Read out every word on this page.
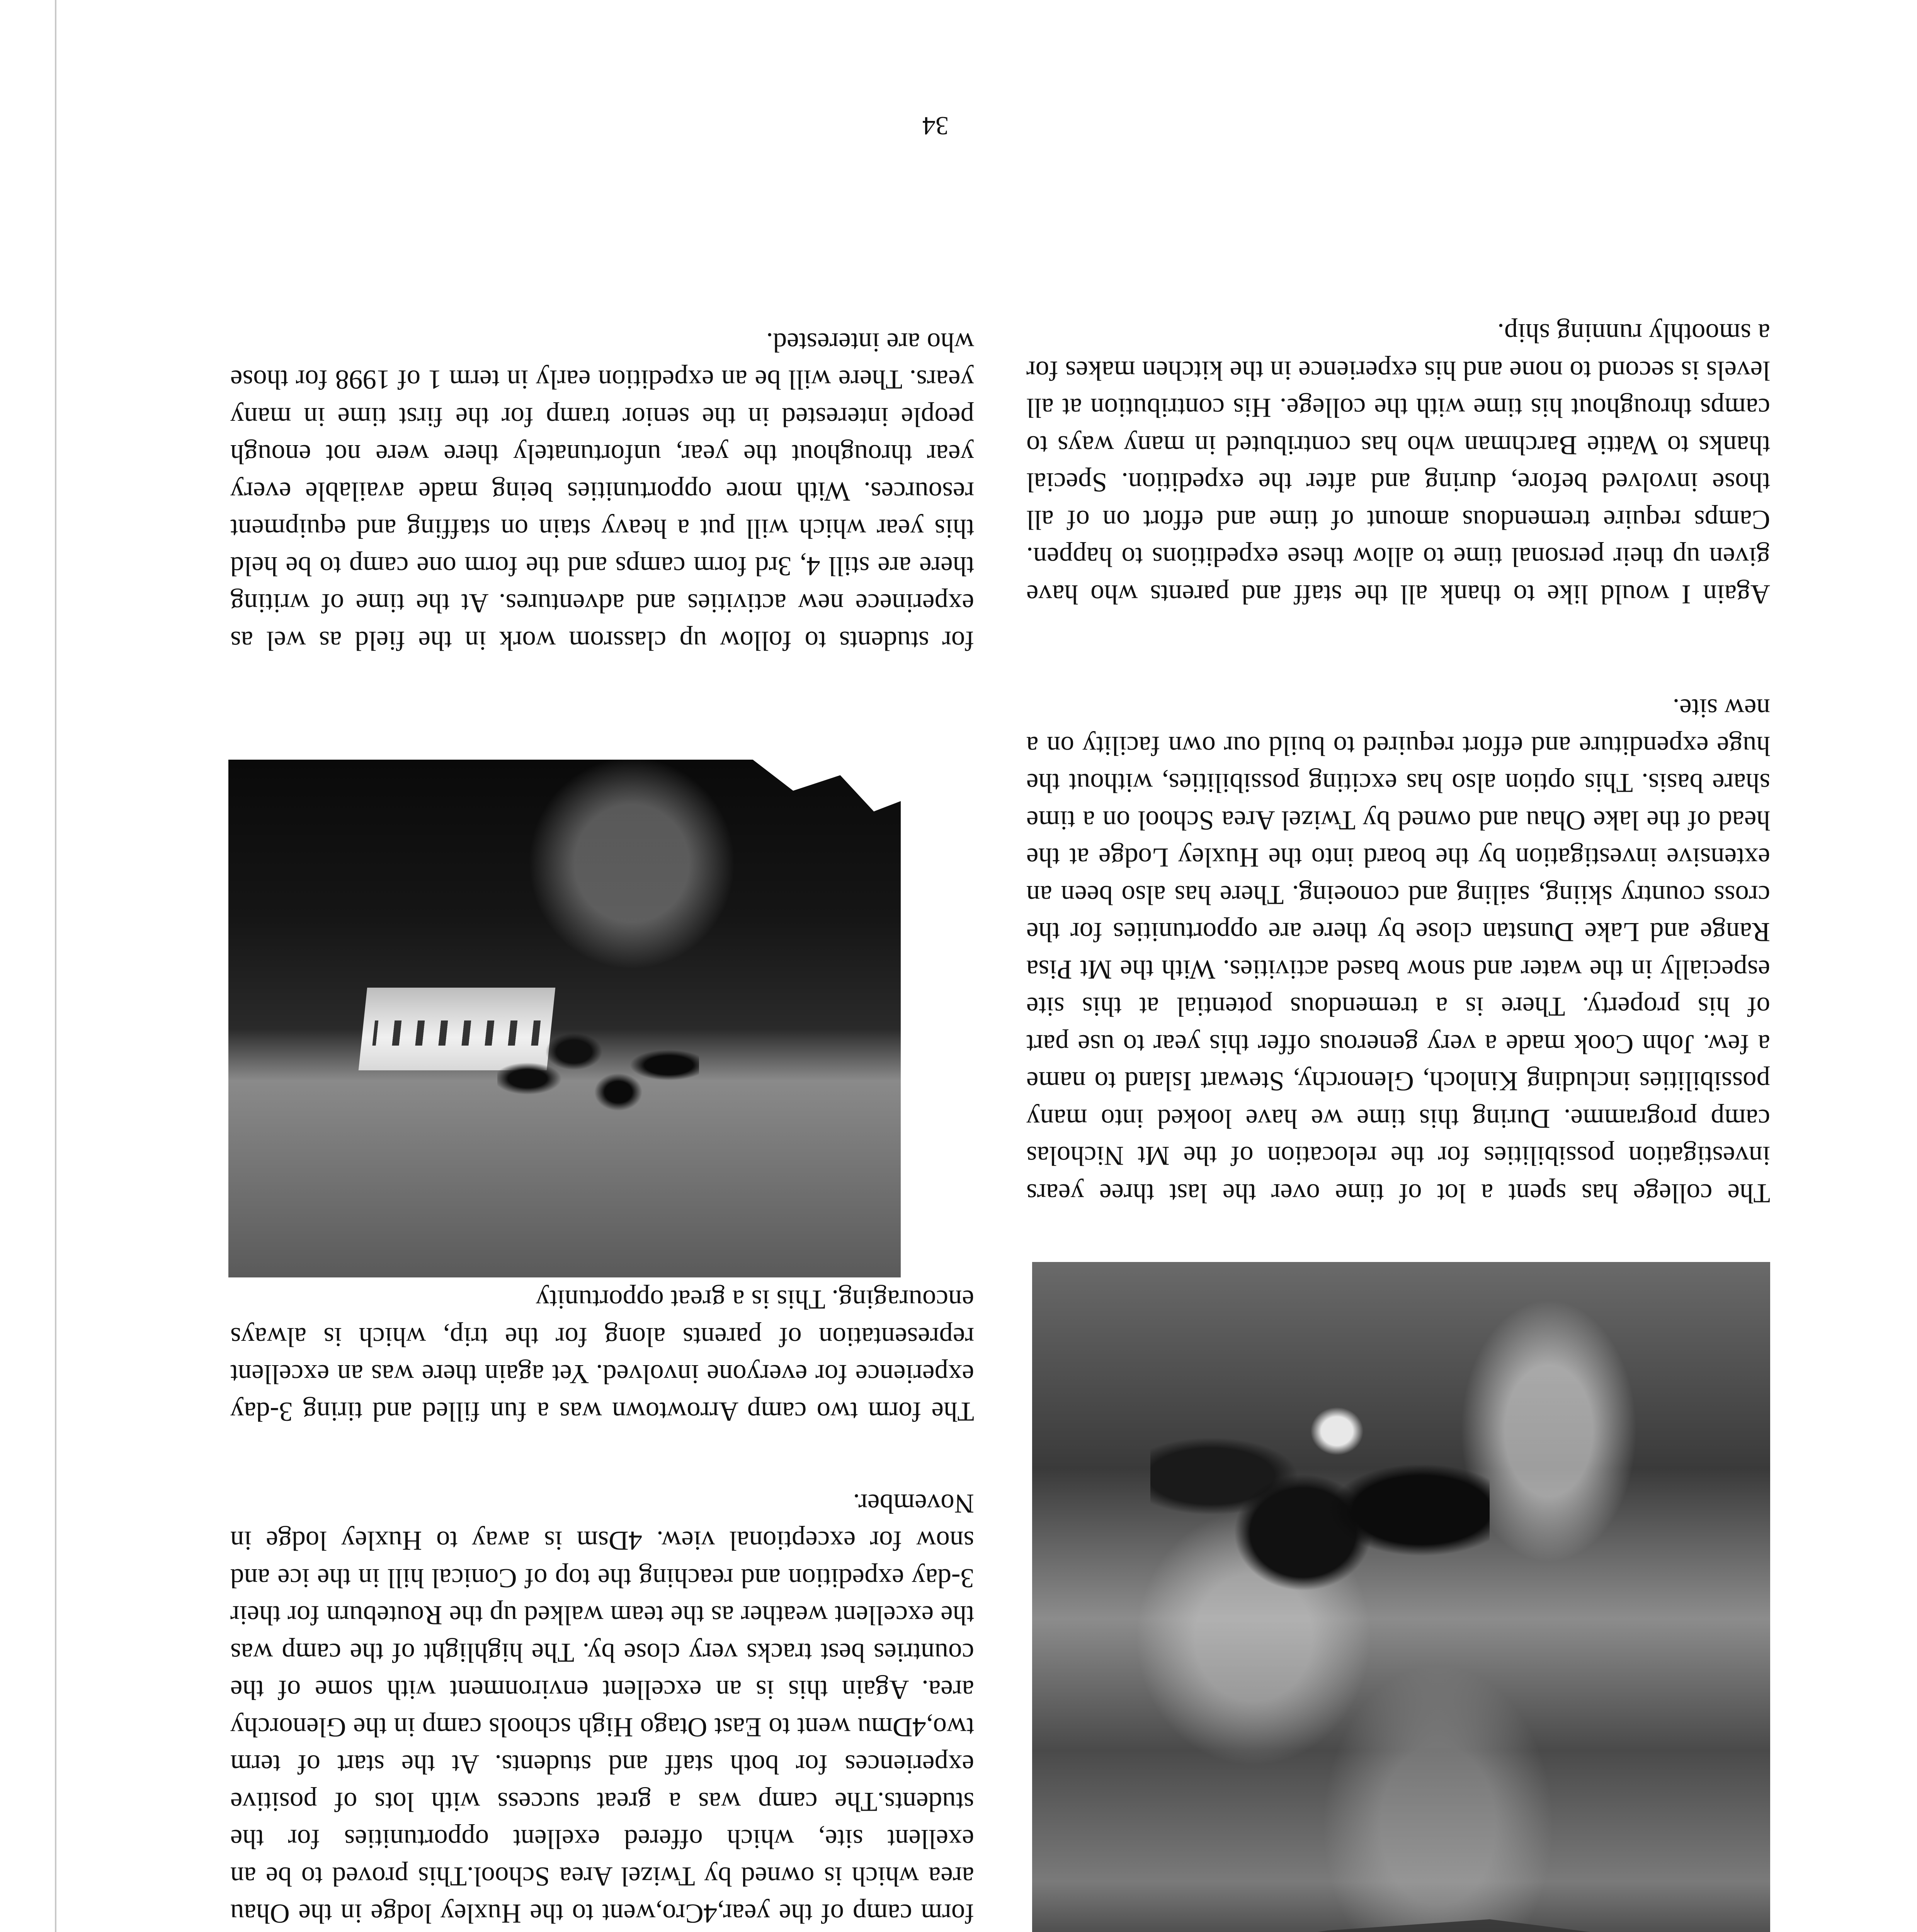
form camp of the year,4Cro,went to the Huxley lodge in the Ohau area which is owned by Twizel Area School.This proved to be an exellent site, which offered exellent opportunities for the students.The camp was a great success with lots of positive experiences for both staff and students. At the start of term two,4Dmu went to East Otago High schools camp in the Glenorchy area. Again this is an excellent environment with some of the countries best tracks very close by. The highlight of the camp was the excellent weather as the team walked up the Routeburn for their 3-day expedition and reaching the top of Conical hill in the ice and snow for exceptional view. 4Dsm is away to Huxley lodge in November.

The form two camp Arrowtown was a fun filled and tiring 3-day experience for everyone involved. Yet again there was an excellent representation of parents along for the trip, which is always encouraging. This is a great opportunity

for students to follow up classrom work in the field as wel as experinece new activities and adventures. At the time of writing there are still 4, 3rd form camps and the form one camp to be held this year which will put a heavy stain on staffing and equipment resources. With more opportunities being made available every year throughout the year, unfortunately there were not enough people interested in the senior tramp for the first time in many years. There will be an expedition early in term 1 of 1998 for those who are interested.

The college has spent a lot of time over the last three years investigation possibilities for the relocation of the Mt Nicholas camp programme. During this time we have looked into many possibilities including Kinloch, Glenorchy, Stewart Island to name a few. John Cook made a very generous offer this year to use part of his property. There is a tremendous potential at this site especially in the water and snow based activities. With the Mt Pisa Range and Lake Dunstan close by there are opportunities for the cross country skiing, sailing and conoeing. There has also been an extensive investigation by the board into the Huxley Lodge at the head of the lake Ohau and owned by Twizel Area School on a time share basis. This option also has exciting possibilities, without the huge expenditure and effort required to build our own facility on a new site.

Again I would like to thank all the staff and parents who have given up their personal time to allow these expeditions to happen. Camps require tremendous amount of time and effort on of all those involved before, during and after the expedition. Special thanks to Wattie Barchman who has contributed in many ways to camps throughout his time with the college. His contribution at all levels is second to none and his experience in the kitchen makes for a smoothly running ship.

34
